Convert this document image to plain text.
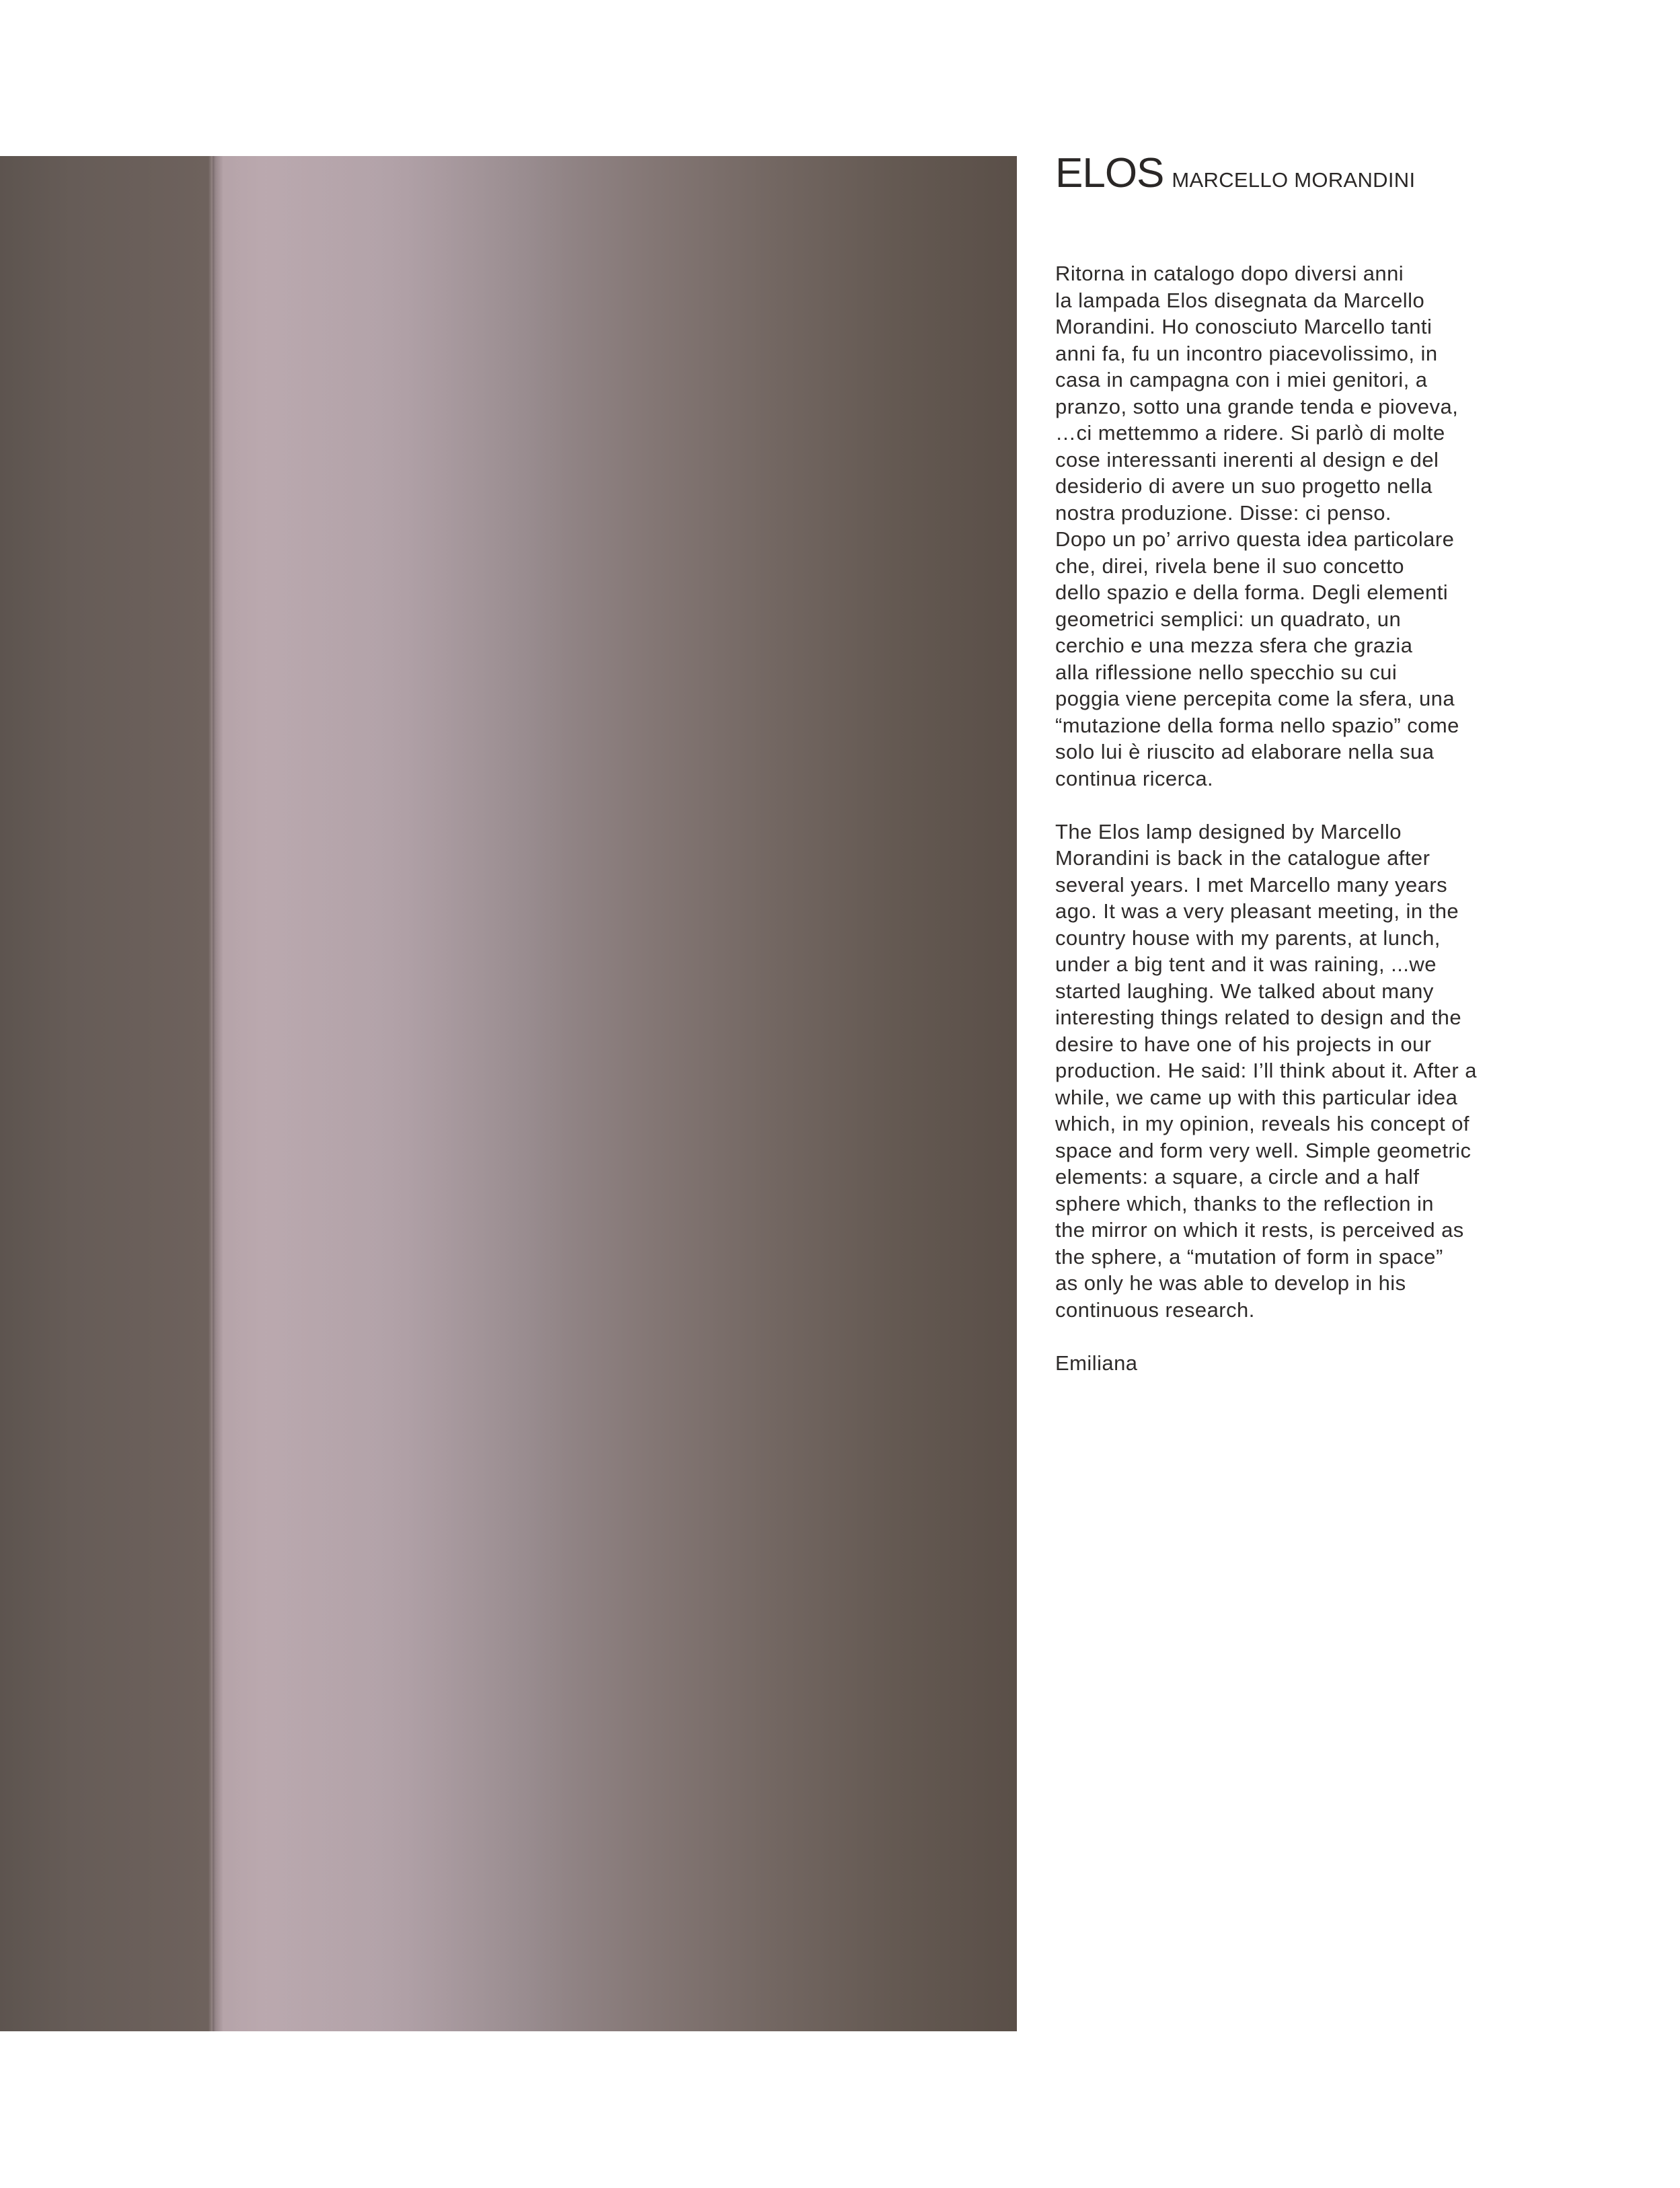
ELOS MARCELLO MORANDINI

Ritorna in catalogo dopo diversi anni
la lampada Elos disegnata da Marcello
Morandini. Ho conosciuto Marcello tanti
anni fa, fu un incontro piacevolissimo, in
casa in campagna con i miei genitori, a
pranzo, sotto una grande tenda e pioveva,
…ci mettemmo a ridere. Si parlò di molte
cose interessanti inerenti al design e del
desiderio di avere un suo progetto nella
nostra produzione. Disse: ci penso.
Dopo un po’ arrivo questa idea particolare
che, direi, rivela bene il suo concetto
dello spazio e della forma. Degli elementi
geometrici semplici: un quadrato, un
cerchio e una mezza sfera che grazia
alla riflessione nello specchio su cui
poggia viene percepita come la sfera, una
“mutazione della forma nello spazio” come
solo lui è riuscito ad elaborare nella sua
continua ricerca.

The Elos lamp designed by Marcello
Morandini is back in the catalogue after
several years. I met Marcello many years
ago. It was a very pleasant meeting, in the
country house with my parents, at lunch,
under a big tent and it was raining, ...we
started laughing. We talked about many
interesting things related to design and the
desire to have one of his projects in our
production. He said: I’ll think about it. After a
while, we came up with this particular idea
which, in my opinion, reveals his concept of
space and form very well. Simple geometric
elements: a square, a circle and a half
sphere which, thanks to the reflection in
the mirror on which it rests, is perceived as
the sphere, a “mutation of form in space”
as only he was able to develop in his
continuous research.

Emiliana
